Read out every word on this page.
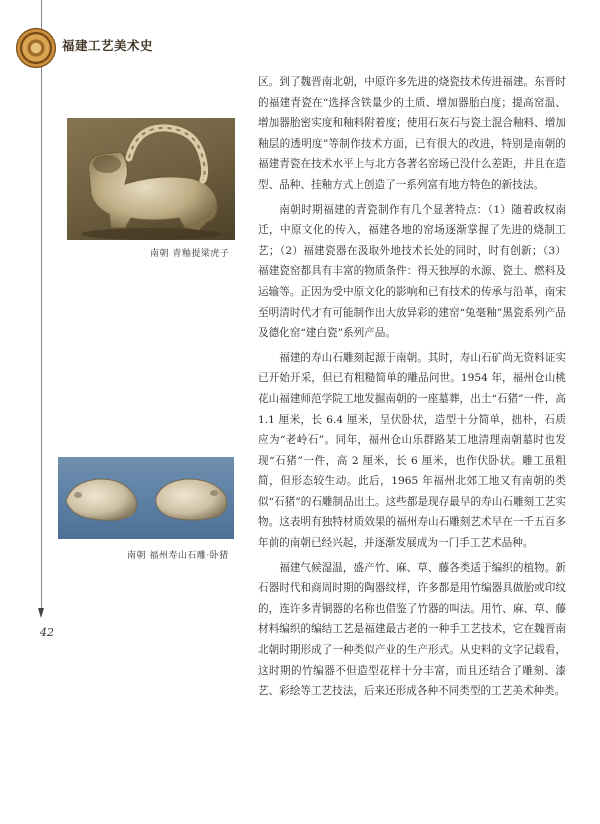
福建工艺美术史
南朝 青釉提梁虎子
南朝 福州寿山石雕·卧猪
42

区。到了魏晋南北朝，中原许多先进的烧瓷技术传进福建。东晋时的福建青瓷在“选择含铁量少的土质、增加器胎白度；提高窑温、增加器胎密实度和釉料附着度；使用石灰石与瓷土混合釉料、增加釉层的透明度”等制作技术方面，已有很大的改进，特别是南朝的福建青瓷在技术水平上与北方各著名窑场已没什么差距，并且在造型、品种、挂釉方式上创造了一系列富有地方特色的新技法。

南朝时期福建的青瓷制作有几个显著特点：（1）随着政权南迁，中原文化的传入，福建各地的窑场逐渐掌握了先进的烧制工艺；（2）福建瓷器在汲取外地技术长处的同时，时有创新；（3）福建瓷窑都具有丰富的物质条件：得天独厚的水源、瓷土、燃料及运输等。正因为受中原文化的影响和已有技术的传承与沿革，南宋至明清时代才有可能制作出大放异彩的建窑“兔毫釉”黑瓷系列产品及德化窑“建白瓷”系列产品。

福建的寿山石雕刻起源于南朝。其时，寿山石矿尚无资料证实已开始开采，但已有粗糙简单的雕品问世。1954 年，福州仓山桃花山福建师范学院工地发掘南朝的一座墓葬，出土“石猪”一件，高 1.1 厘米，长 6.4 厘米，呈伏卧状，造型十分简单，拙朴，石质应为“老岭石”。同年，福州仓山乐群路某工地清理南朝墓时也发现“石猪”一件，高 2 厘米，长 6 厘米，也作伏卧状。雕工虽粗简，但形态较生动。此后，1965 年福州北郊工地又有南朝的类似“石猪”的石雕制品出土。这些都是现存最早的寿山石雕刻工艺实物。这表明有独特材质效果的福州寿山石雕刻艺术早在一千五百多年前的南朝已经兴起，并逐渐发展成为一门手工艺术品种。

福建气候湿温，盛产竹、麻、草、藤各类适于编织的植物。新石器时代和商周时期的陶器纹样，许多都是用竹编器具做胎或印纹的，连许多青铜器的名称也借鉴了竹器的叫法。用竹、麻、草、藤材料编织的编结工艺是福建最古老的一种手工艺技术，它在魏晋南北朝时期形成了一种类似产业的生产形式。从史料的文字记载看，这时期的竹编器不但造型花样十分丰富，而且还结合了雕刻、漆艺、彩绘等工艺技法，后来还形成各种不同类型的工艺美术种类。
